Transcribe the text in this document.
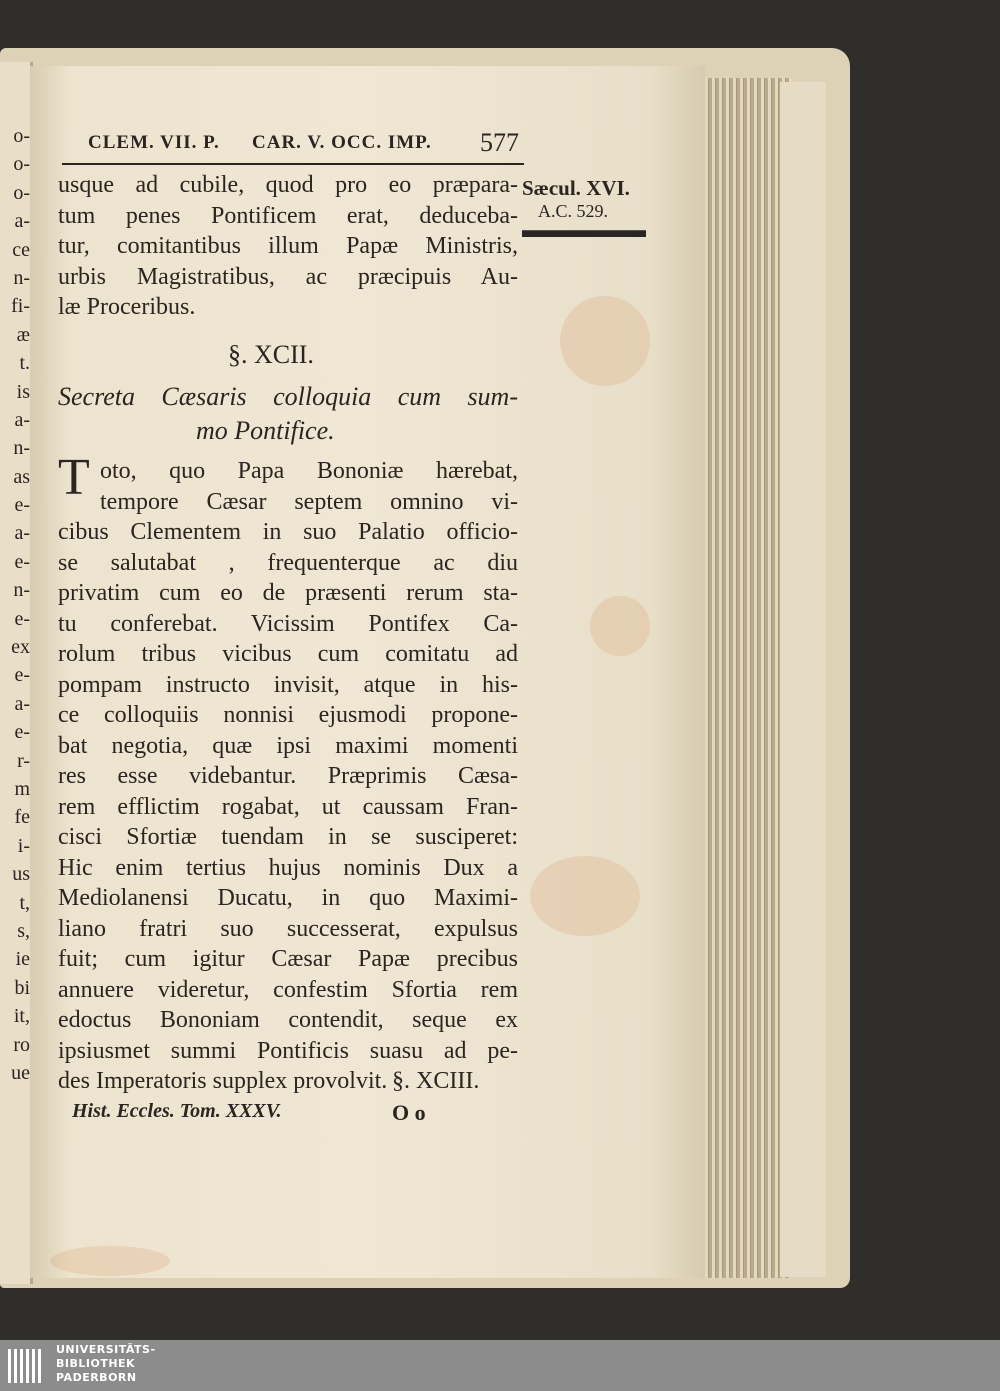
o-
o-
o-
a-
ce
n-
fi-
æ
t.
is
a-
n-
as
e-
a-
e-
n-
e-
ex
e-
a-
e-
r-
m
fe
i-
us
t,
s,
ie
bi
it,
ro
ue
CLEM. VII. P. CAR. V. OCC. IMP. 577
Sæcul. XVI.
A.C. 529.
usque ad cubile, quod pro eo præpara-
tum penes Pontificem erat, deduceba-
tur, comitantibus illum Papæ Ministris,
urbis Magistratibus, ac præcipuis Au-
læ Proceribus.
§. XCII.
Secreta Cæsaris colloquia cum sum-
mo Pontifice.
T oto, quo Papa Bononiæ hærebat,
tempore Cæsar septem omnino vi-
cibus Clementem in suo Palatio officio-
se salutabat , frequenterque ac diu
privatim cum eo de præsenti rerum sta-
tu conferebat. Vicissim Pontifex Ca-
rolum tribus vicibus cum comitatu ad
pompam instructo invisit, atque in his-
ce colloquiis nonnisi ejusmodi propone-
bat negotia, quæ ipsi maximi momenti
res esse videbantur. Præprimis Cæsa-
rem efflictim rogabat, ut caussam Fran-
cisci Sfortiæ tuendam in se susciperet:
Hic enim tertius hujus nominis Dux a
Mediolanensi Ducatu, in quo Maximi-
liano fratri suo successerat, expulsus
fuit; cum igitur Cæsar Papæ precibus
annuere videretur, confestim Sfortia rem
edoctus Bononiam contendit, seque ex
ipsiusmet summi Pontificis suasu ad pe-
des Imperatoris supplex provolvit. §. XCIII.
Hist. Eccles. Tom. XXXV.	O o
UNIVERSITÄTS-
BIBLIOTHEK
PADERBORN
